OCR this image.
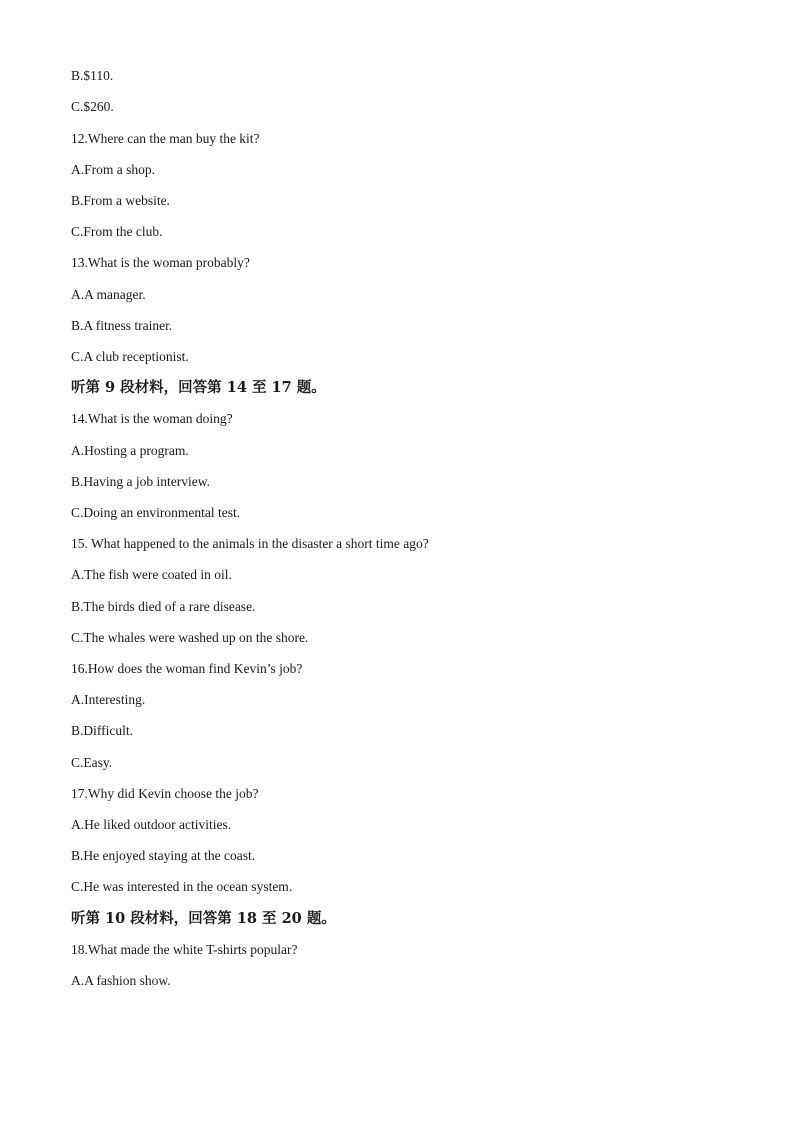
B.$110.
C.$260.
12.Where can the man buy the kit?
A.From a shop.
B.From a website.
C.From the club.
13.What is the woman probably?
A.A manager.
B.A fitness trainer.
C.A club receptionist.
听第 9 段材料，回答第 14 至 17 题。
14.What is the woman doing?
A.Hosting a program.
B.Having a job interview.
C.Doing an environmental test.
15. What happened to the animals in the disaster a short time ago?
A.The fish were coated in oil.
B.The birds died of a rare disease.
C.The whales were washed up on the shore.
16.How does the woman find Kevin’s job?
A.Interesting.
B.Difficult.
C.Easy.
17.Why did Kevin choose the job?
A.He liked outdoor activities.
B.He enjoyed staying at the coast.
C.He was interested in the ocean system.
听第 10 段材料，回答第 18 至 20 题。
18.What made the white T-shirts popular?
A.A fashion show.
